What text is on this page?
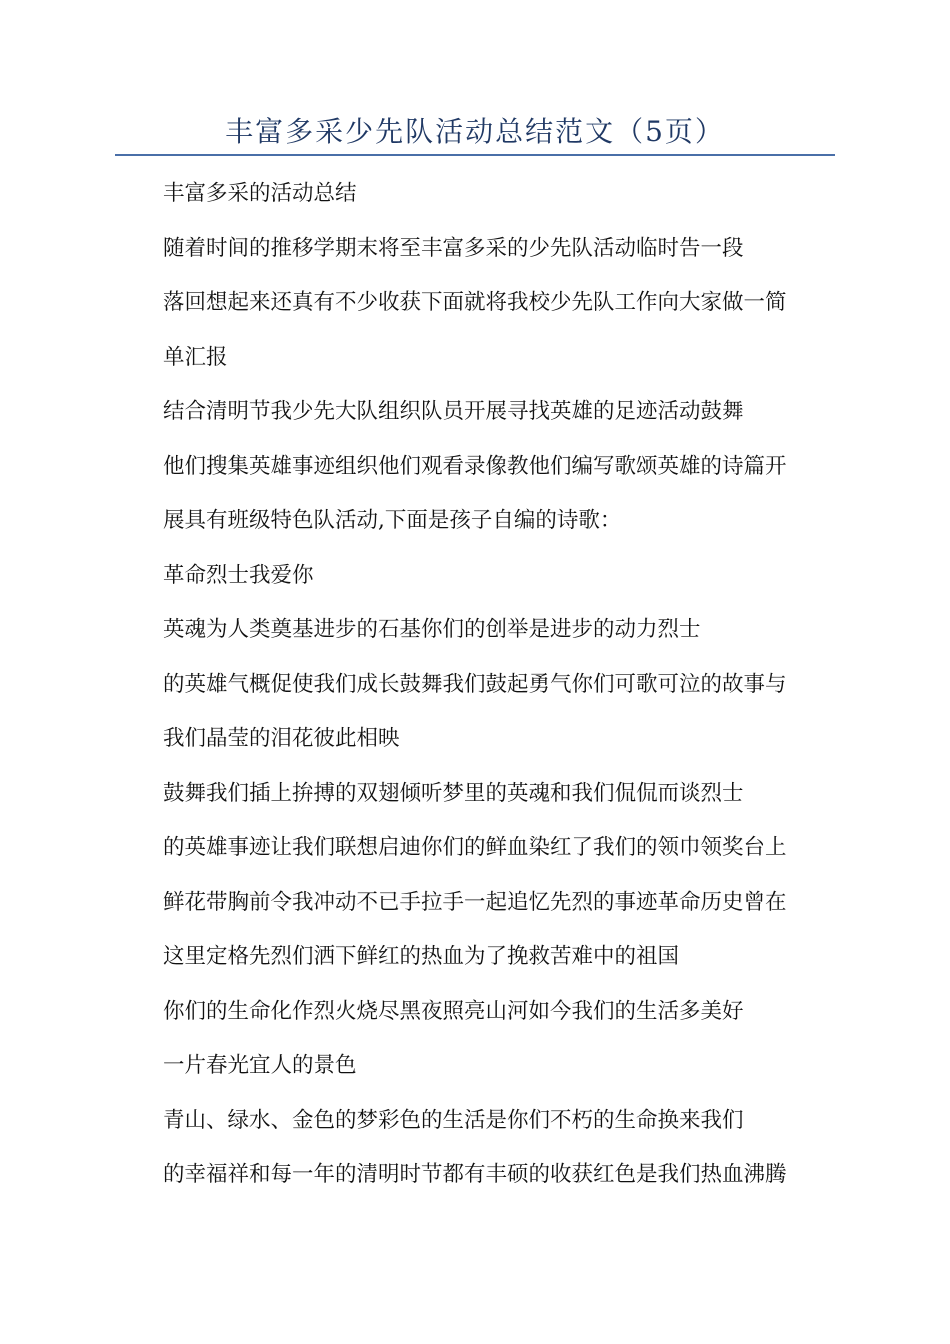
丰富多采少先队活动总结范文（5页）
丰富多采的活动总结
随着时间的推移学期末将至丰富多采的少先队活动临时告一段
落回想起来还真有不少收获下面就将我校少先队工作向大家做一简
单汇报
结合清明节我少先大队组织队员开展寻找英雄的足迹活动鼓舞
他们搜集英雄事迹组织他们观看录像教他们编写歌颂英雄的诗篇开
展具有班级特色队活动,下面是孩子自编的诗歌：
革命烈士我爱你
英魂为人类奠基进步的石基你们的创举是进步的动力烈士
的英雄气概促使我们成长鼓舞我们鼓起勇气你们可歌可泣的故事与
我们晶莹的泪花彼此相映
鼓舞我们插上拚搏的双翅倾听梦里的英魂和我们侃侃而谈烈士
的英雄事迹让我们联想启迪你们的鲜血染红了我们的领巾领奖台上
鲜花带胸前令我冲动不已手拉手一起追忆先烈的事迹革命历史曾在
这里定格先烈们洒下鲜红的热血为了挽救苦难中的祖国
你们的生命化作烈火烧尽黑夜照亮山河如今我们的生活多美好
一片春光宜人的景色
青山、绿水、金色的梦彩色的生活是你们不朽的生命换来我们
的幸福祥和每一年的清明时节都有丰硕的收获红色是我们热血沸腾
